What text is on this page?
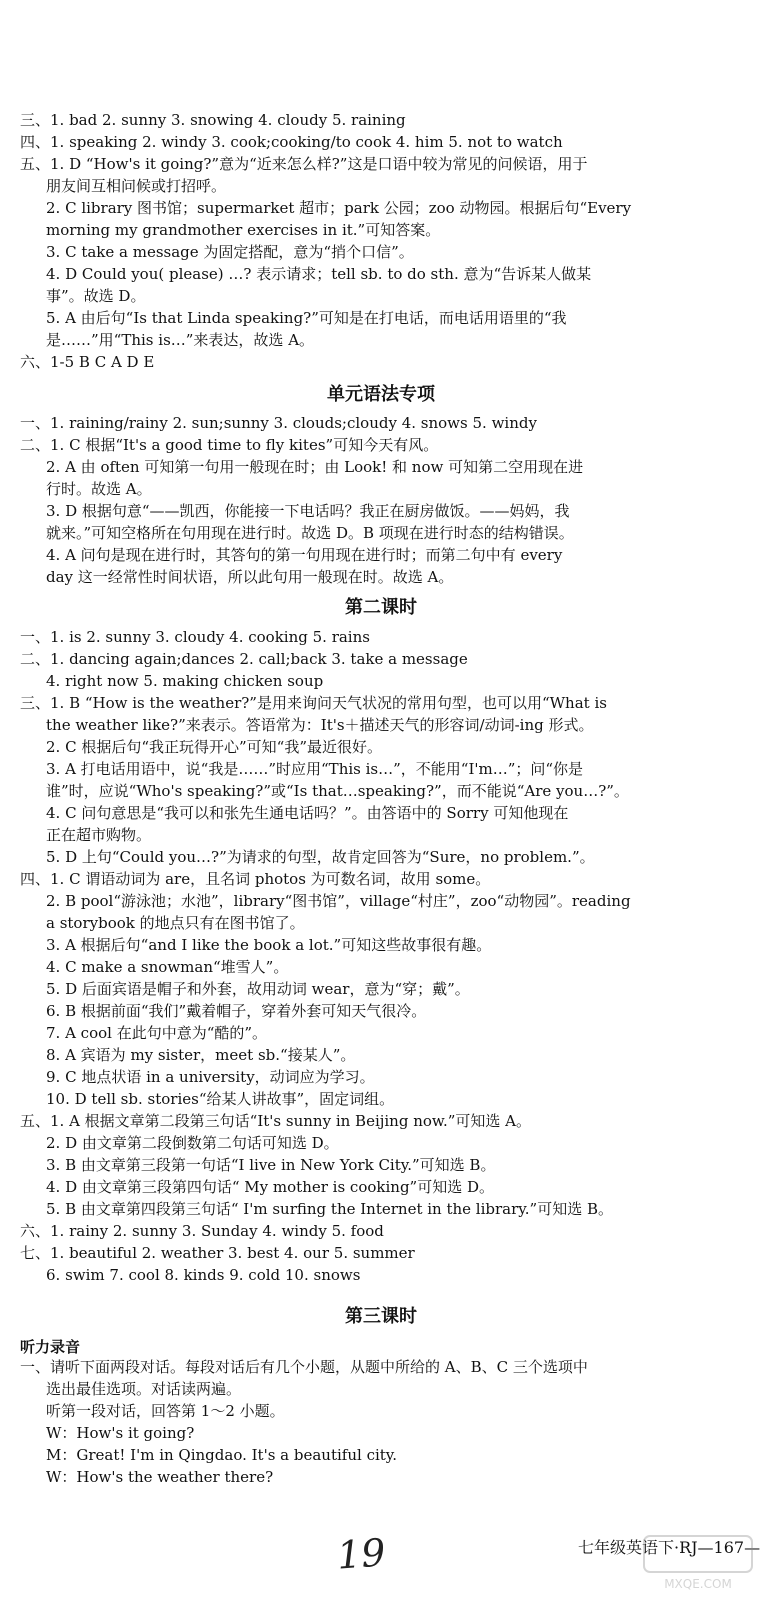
三、1. bad 2. sunny 3. snowing 4. cloudy 5. raining
四、1. speaking 2. windy 3. cook;cooking/to cook 4. him 5. not to watch
五、1. D “How's it going?”意为“近来怎么样?”这是口语中较为常见的问候语，用于
朋友间互相问候或打招呼。
2. C library 图书馆；supermarket 超市；park 公园；zoo 动物园。根据后句“Every
morning my grandmother exercises in it.”可知答案。
3. C take a message 为固定搭配，意为“捎个口信”。
4. D Could you( please) …? 表示请求；tell sb. to do sth. 意为“告诉某人做某
事”。故选 D。
5. A 由后句“Is that Linda speaking?”可知是在打电话，而电话用语里的“我
是……”用“This is…”来表达，故选 A。
六、1-5 B C A D E
一、1. raining/rainy 2. sun;sunny 3. clouds;cloudy 4. snows 5. windy
二、1. C 根据“It's a good time to fly kites”可知今天有风。
2. A 由 often 可知第一句用一般现在时；由 Look! 和 now 可知第二空用现在进
行时。故选 A。
3. D 根据句意“——凯西，你能接一下电话吗？我正在厨房做饭。——妈妈，我
就来。”可知空格所在句用现在进行时。故选 D。B 项现在进行时态的结构错误。
4. A 问句是现在进行时，其答句的第一句用现在进行时；而第二句中有 every
day 这一经常性时间状语，所以此句用一般现在时。故选 A。
一、1. is 2. sunny 3. cloudy 4. cooking 5. rains
二、1. dancing again;dances 2. call;back 3. take a message
4. right now 5. making chicken soup
三、1. B “How is the weather?”是用来询问天气状况的常用句型，也可以用“What is
the weather like?”来表示。答语常为：It's＋描述天气的形容词/动词-ing 形式。
2. C 根据后句“我正玩得开心”可知“我”最近很好。
3. A 打电话用语中，说“我是……”时应用“This is…”，不能用“I'm…”；问“你是
谁”时，应说“Who's speaking?”或“Is that…speaking?”，而不能说“Are you…?”。
4. C 问句意思是“我可以和张先生通电话吗？”。由答语中的 Sorry 可知他现在
正在超市购物。
5. D 上句“Could you…?”为请求的句型，故肯定回答为“Sure，no problem.”。
四、1. C 谓语动词为 are，且名词 photos 为可数名词，故用 some。
2. B pool“游泳池；水池”，library“图书馆”，village“村庄”，zoo“动物园”。reading
a storybook 的地点只有在图书馆了。
3. A 根据后句“and I like the book a lot.”可知这些故事很有趣。
4. C make a snowman“堆雪人”。
5. D 后面宾语是帽子和外套，故用动词 wear，意为“穿；戴”。
6. B 根据前面“我们”戴着帽子，穿着外套可知天气很冷。
7. A cool 在此句中意为“酷的”。
8. A 宾语为 my sister，meet sb.“接某人”。
9. C 地点状语 in a university，动词应为学习。
10. D tell sb. stories“给某人讲故事”，固定词组。
五、1. A 根据文章第二段第三句话“It's sunny in Beijing now.”可知选 A。
2. D 由文章第二段倒数第二句话可知选 D。
3. B 由文章第三段第一句话“I live in New York City.”可知选 B。
4. D 由文章第三段第四句话“ My mother is cooking”可知选 D。
5. B 由文章第四段第三句话“ I'm surfing the Internet in the library.”可知选 B。
六、1. rainy 2. sunny 3. Sunday 4. windy 5. food
七、1. beautiful 2. weather 3. best 4. our 5. summer
6. swim 7. cool 8. kinds 9. cold 10. snows
一、请听下面两段对话。每段对话后有几个小题，从题中所给的 A、B、C 三个选项中
选出最佳选项。对话读两遍。
听第一段对话，回答第 1～2 小题。
W：How's it going?
M：Great! I'm in Qingdao. It's a beautiful city.
W：How's the weather there?
单元语法专项
第二课时
第三课时
听力录音
19	七年级英语下·RJ—167—
MXQE.COM
